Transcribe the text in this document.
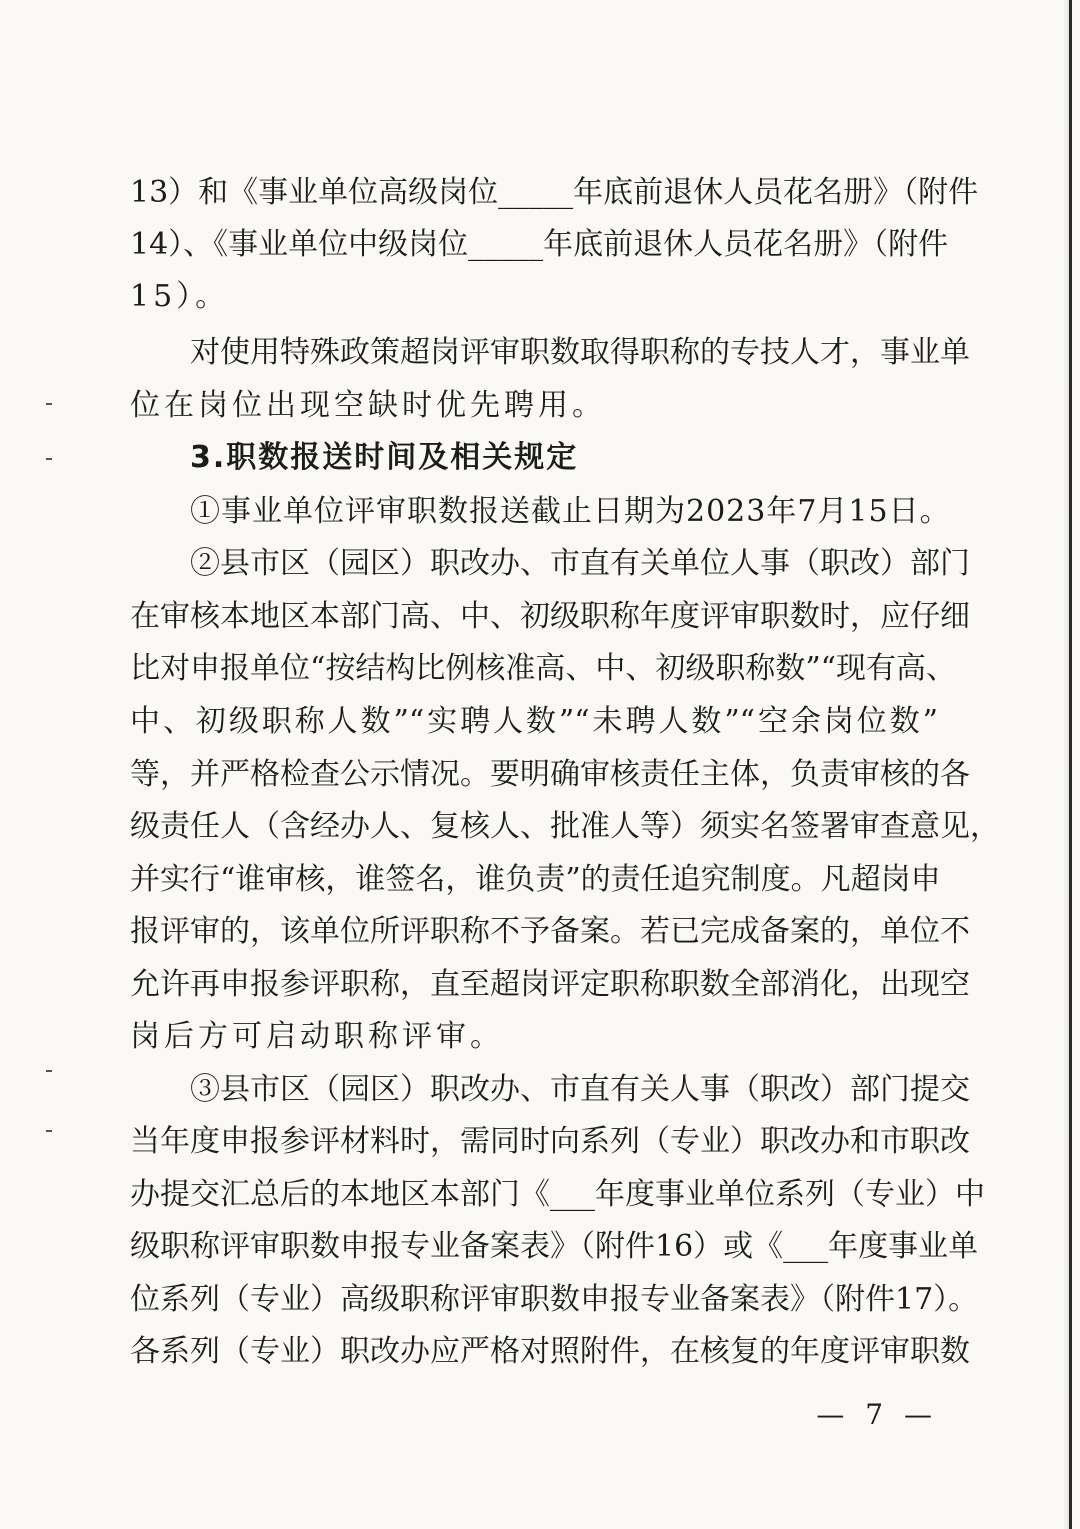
13）和《事业单位高级岗位_____年底前退休人员花名册》（附件
14）、《事业单位中级岗位_____年底前退休人员花名册》（附件
15）。
对使用特殊政策超岗评审职数取得职称的专技人才，事业单
位在岗位出现空缺时优先聘用。
3.职数报送时间及相关规定
①事业单位评审职数报送截止日期为2023年7月15日。
②县市区（园区）职改办、市直有关单位人事（职改）部门
在审核本地区本部门高、中、初级职称年度评审职数时，应仔细
比对申报单位“按结构比例核准高、中、初级职称数”“现有高、
中、初级职称人数”“实聘人数”“未聘人数”“空余岗位数”
等，并严格检查公示情况。要明确审核责任主体，负责审核的各
级责任人（含经办人、复核人、批准人等）须实名签署审查意见，
并实行“谁审核，谁签名，谁负责”的责任追究制度。凡超岗申
报评审的，该单位所评职称不予备案。若已完成备案的，单位不
允许再申报参评职称，直至超岗评定职称职数全部消化，出现空
岗后方可启动职称评审。
③县市区（园区）职改办、市直有关人事（职改）部门提交
当年度申报参评材料时，需同时向系列（专业）职改办和市职改
办提交汇总后的本地区本部门《___年度事业单位系列（专业）中
级职称评审职数申报专业备案表》（附件16）或《___年度事业单
位系列（专业）高级职称评审职数申报专业备案表》（附件17）。
各系列（专业）职改办应严格对照附件，在核复的年度评审职数
— 7 —
